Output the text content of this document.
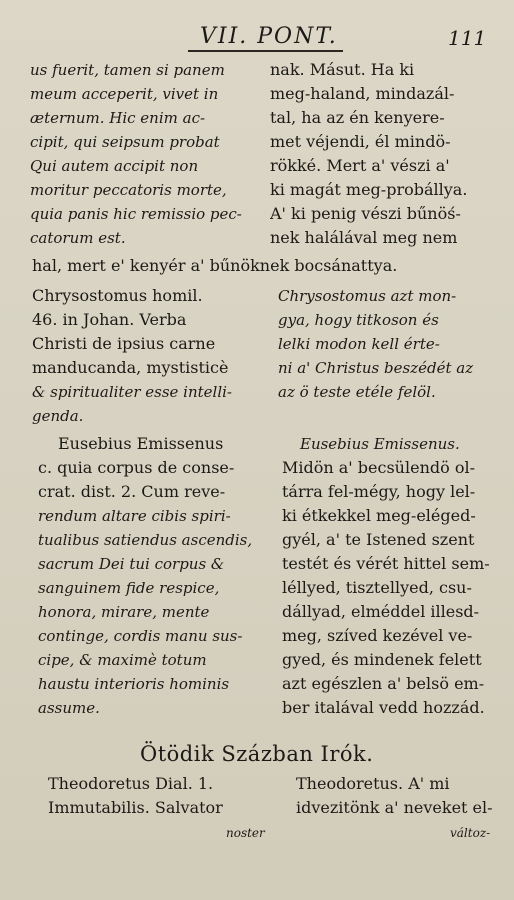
VII. PONT.	111
us fuerit, tamen si panem
meum acceperit, vivet in
æternum. Hic enim ac-
cipit, qui seipsum probat
Qui autem accipit non
moritur peccatoris morte,
quia panis hic remissio pec-
catorum est.
nak. Másut. Ha ki
meg-haland, mindazál-
tal, ha az én kenyere-
met véjendi, él mindö-
rökké. Mert a' vészi a'
ki magát meg-probállya.
A' ki penig vészi bűnöś-
nek halálával meg nem
hal, mert e' kenyér a' bűnöknek bocsánattya.
Chrysostomus homil.
46. in Johan. Verba
Christi de ipsius carne
manducanda, mystisticè
& spiritualiter esse intelli-
genda.
Chrysostomus azt mon-
gya, hogy titkoson és
lelki modon kell érte-
ni a' Christus beszédét az
az ö teste etéle felöl.
Eusebius Emissenus
c. quia corpus de conse-
crat. dist. 2. Cum reve-
rendum altare cibis spiri-
tualibus satiendus ascendis,
sacrum Dei tui corpus &
sanguinem fide respice,
honora, mirare, mente
continge, cordis manu sus-
cipe, & maximè totum
haustu interioris hominis
assume.
Eusebius Emissenus.
Midön a' becsülendö ol-
tárra fel-mégy, hogy lel-
ki étkekkel meg-eléged-
gyél, a' te Istened szent
testét és vérét hittel sem-
léllyed, tisztellyed, csu-
dállyad, elméddel illesd-
meg, szíved kezével ve-
gyed, és mindenek felett
azt egészlen a' belsö em-
ber italával vedd hozzád.
Ötödik Százban Irók.
Theodoretus Dial. 1.
Immutabilis. Salvator
Theodoretus. A' mi
idvezitönk a' neveket el-
noster	változ-
